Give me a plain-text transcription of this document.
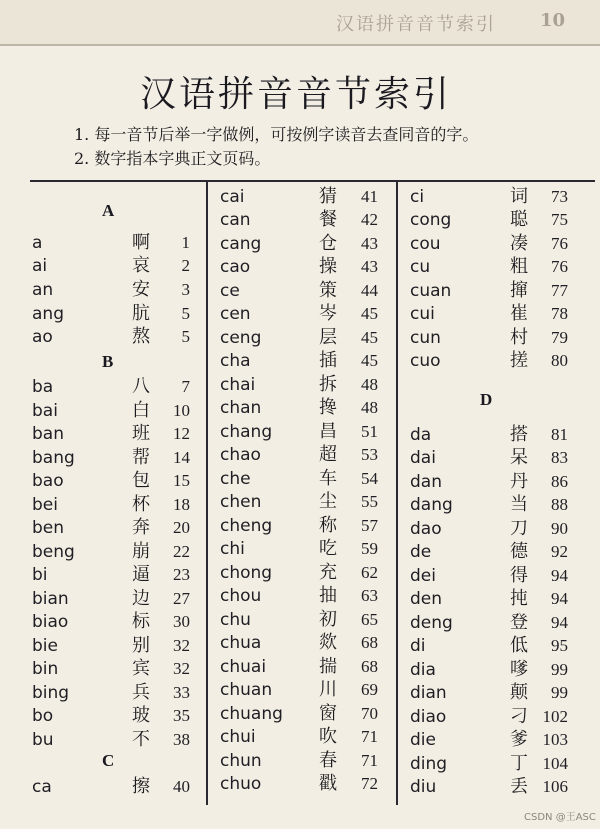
汉语拼音音节索引 10
汉语拼音音节索引
1. 每一音节后举一字做例，可按例字读音去查同音的字。
2. 数字指本字典正文页码。
A
B
C
D
a	啊	1
ai	哀	2
an	安	3
ang	肮	5
ao	熬	5
ba	八	7
bai	白	10
ban	班	12
bang	帮	14
bao	包	15
bei	杯	18
ben	奔	20
beng	崩	22
bi	逼	23
bian	边	27
biao	标	30
bie	别	32
bin	宾	32
bing	兵	33
bo	玻	35
bu	不	38
ca	擦	40
cai	猜	41
can	餐	42
cang	仓	43
cao	操	43
ce	策	44
cen	岑	45
ceng	层	45
cha	插	45
chai	拆	48
chan	搀	48
chang	昌	51
chao	超	53
che	车	54
chen	尘	55
cheng	称	57
chi	吃	59
chong	充	62
chou	抽	63
chu	初	65
chua	欻	68
chuai	揣	68
chuan	川	69
chuang 窗	70
chui	吹	71
chun	春	71
chuo	戳	72
ci	词	73
cong	聪	75
cou	凑	76
cu	粗	76
cuan	撺	77
cui	崔	78
cun	村	79
cuo	搓	80
da	搭	81
dai	呆	83
dan	丹	86
dang	当	88
dao	刀	90
de	德	92
dei	得	94
den	扽	94
deng	登	94
di	低	95
dia	嗲	99
dian	颠	99
diao	刁 102
die	爹 103
ding	丁 104
diu	丢 106
CSDN @王ASC
